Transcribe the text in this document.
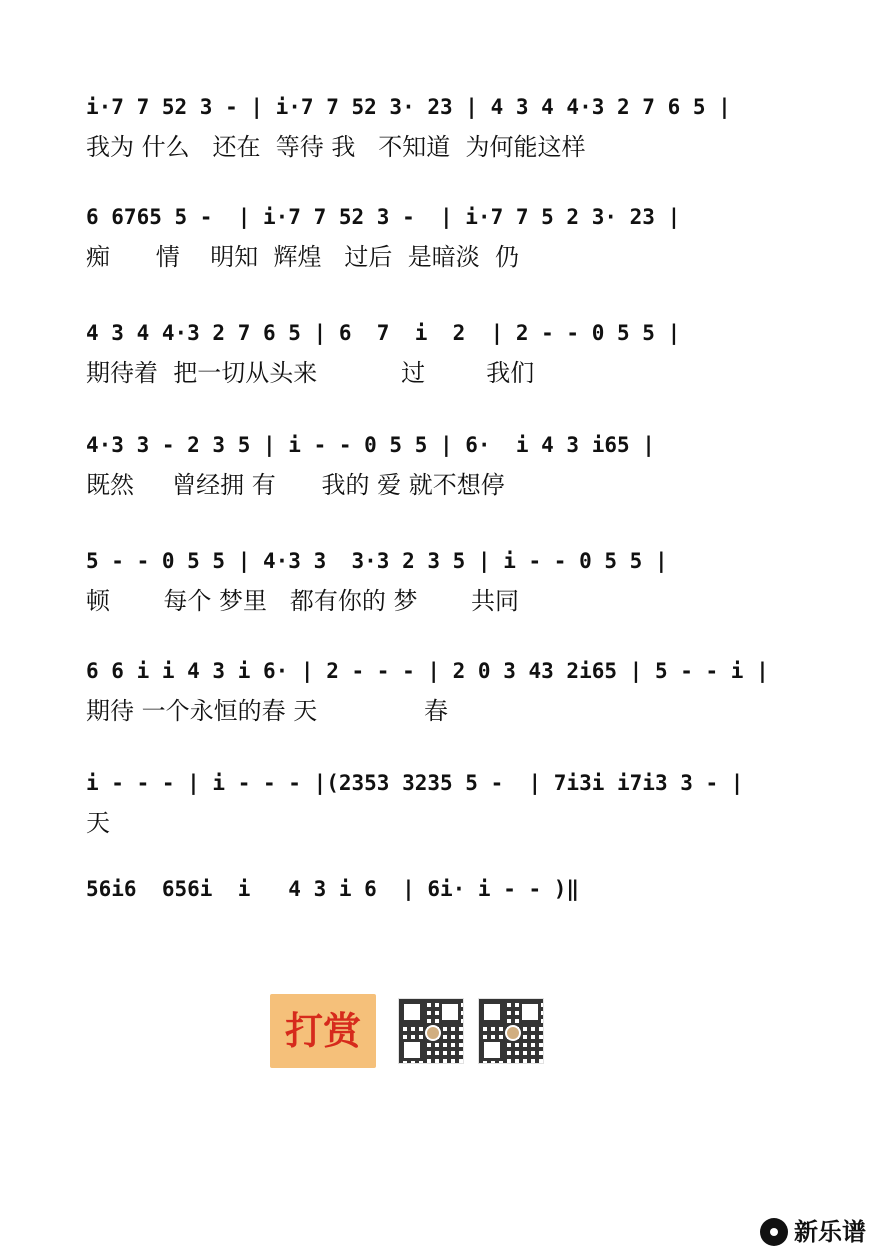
i·7 7 52 3 - | i·7 7 52 3· 23 | 4 3 4 4·3 2 7 6 5 |
我为 什么   还在  等待 我   不知道  为何能这样
6 6765 5 -  | i·7 7 52 3 -  | i·7 7 5 2 3· 23 |
痴      情    明知  辉煌   过后  是暗淡  仍
4 3 4 4·3 2 7 6 5 | 6  7  i  2  | 2 - - 0 5 5 |
期待着  把一切从头来           过        我们
4·3 3 - 2 3 5 | i - - 0 5 5 | 6·  i 4 3 i65 |
既然     曾经拥 有      我的 爱 就不想停
5 - - 0 5 5 | 4·3 3  3·3 2 3 5 | i - - 0 5 5 |
顿       每个 梦里   都有你的 梦       共同
6 6 i i 4 3 i 6· | 2 - - - | 2 0 3 43 2i65 | 5 - - i |
期待 一个永恒的春 天              春
i - - - | i - - - |(2353 3235 5 -  | 7i3i i7i3 3 - |
天
56i6  656i  i   4 3 i 6  | 6i· i - - )‖
打赏
新乐谱
